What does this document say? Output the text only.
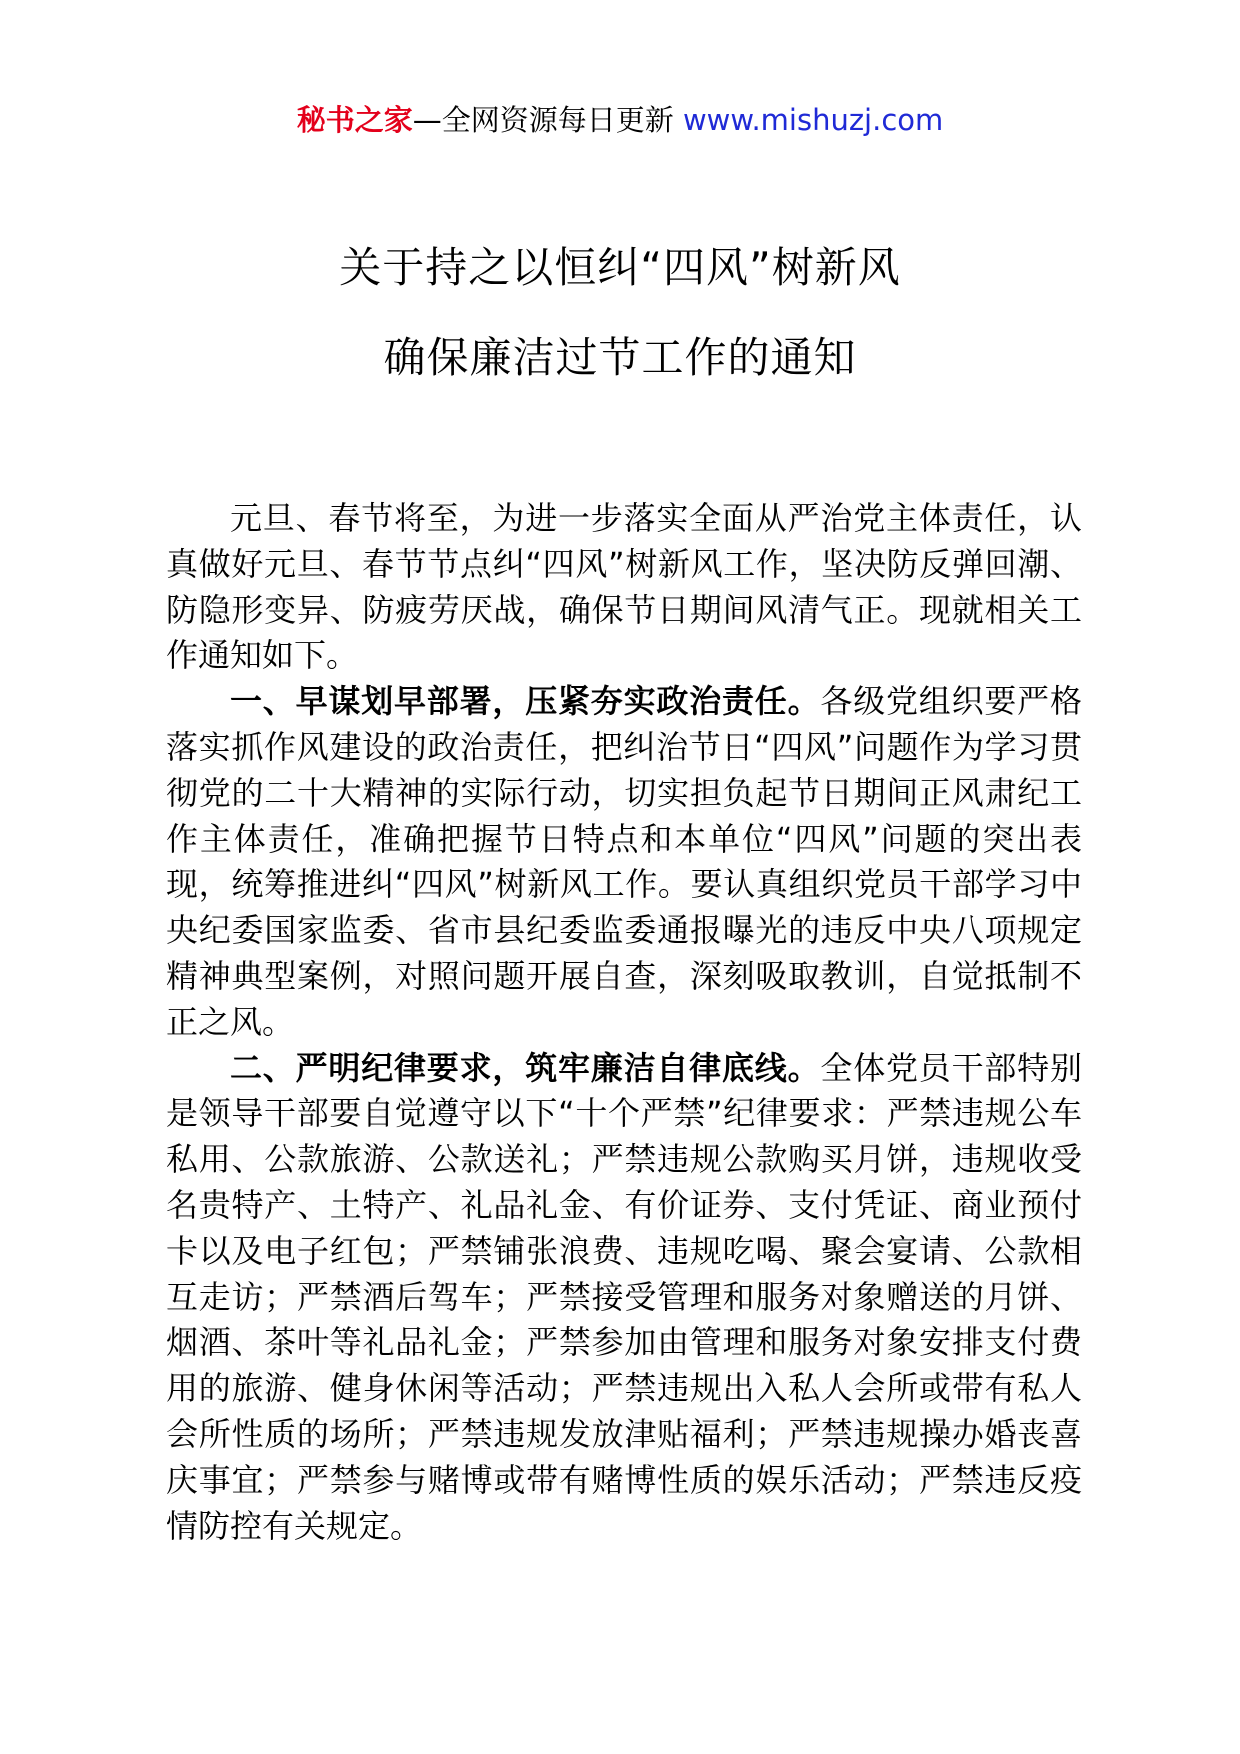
秘书之家—全网资源每日更新 www.mishuzj.com
关于持之以恒纠“四风”树新风
确保廉洁过节工作的通知

元旦、春节将至，为进一步落实全面从严治党主体责任，认真做好元旦、春节节点纠“四风”树新风工作，坚决防反弹回潮、防隐形变异、防疲劳厌战，确保节日期间风清气正。现就相关工作通知如下。

一、早谋划早部署，压紧夯实政治责任。各级党组织要严格落实抓作风建设的政治责任，把纠治节日“四风”问题作为学习贯彻党的二十大精神的实际行动，切实担负起节日期间正风肃纪工作主体责任，准确把握节日特点和本单位“四风”问题的突出表现，统筹推进纠“四风”树新风工作。要认真组织党员干部学习中央纪委国家监委、省市县纪委监委通报曝光的违反中央八项规定精神典型案例，对照问题开展自查，深刻吸取教训，自觉抵制不正之风。

二、严明纪律要求，筑牢廉洁自律底线。全体党员干部特别是领导干部要自觉遵守以下“十个严禁”纪律要求：严禁违规公车私用、公款旅游、公款送礼；严禁违规公款购买月饼，违规收受名贵特产、土特产、礼品礼金、有价证券、支付凭证、商业预付卡以及电子红包；严禁铺张浪费、违规吃喝、聚会宴请、公款相互走访；严禁酒后驾车；严禁接受管理和服务对象赠送的月饼、烟酒、茶叶等礼品礼金；严禁参加由管理和服务对象安排支付费用的旅游、健身休闲等活动；严禁违规出入私人会所或带有私人会所性质的场所；严禁违规发放津贴福利；严禁违规操办婚丧喜庆事宜；严禁参与赌博或带有赌博性质的娱乐活动；严禁违反疫情防控有关规定。
